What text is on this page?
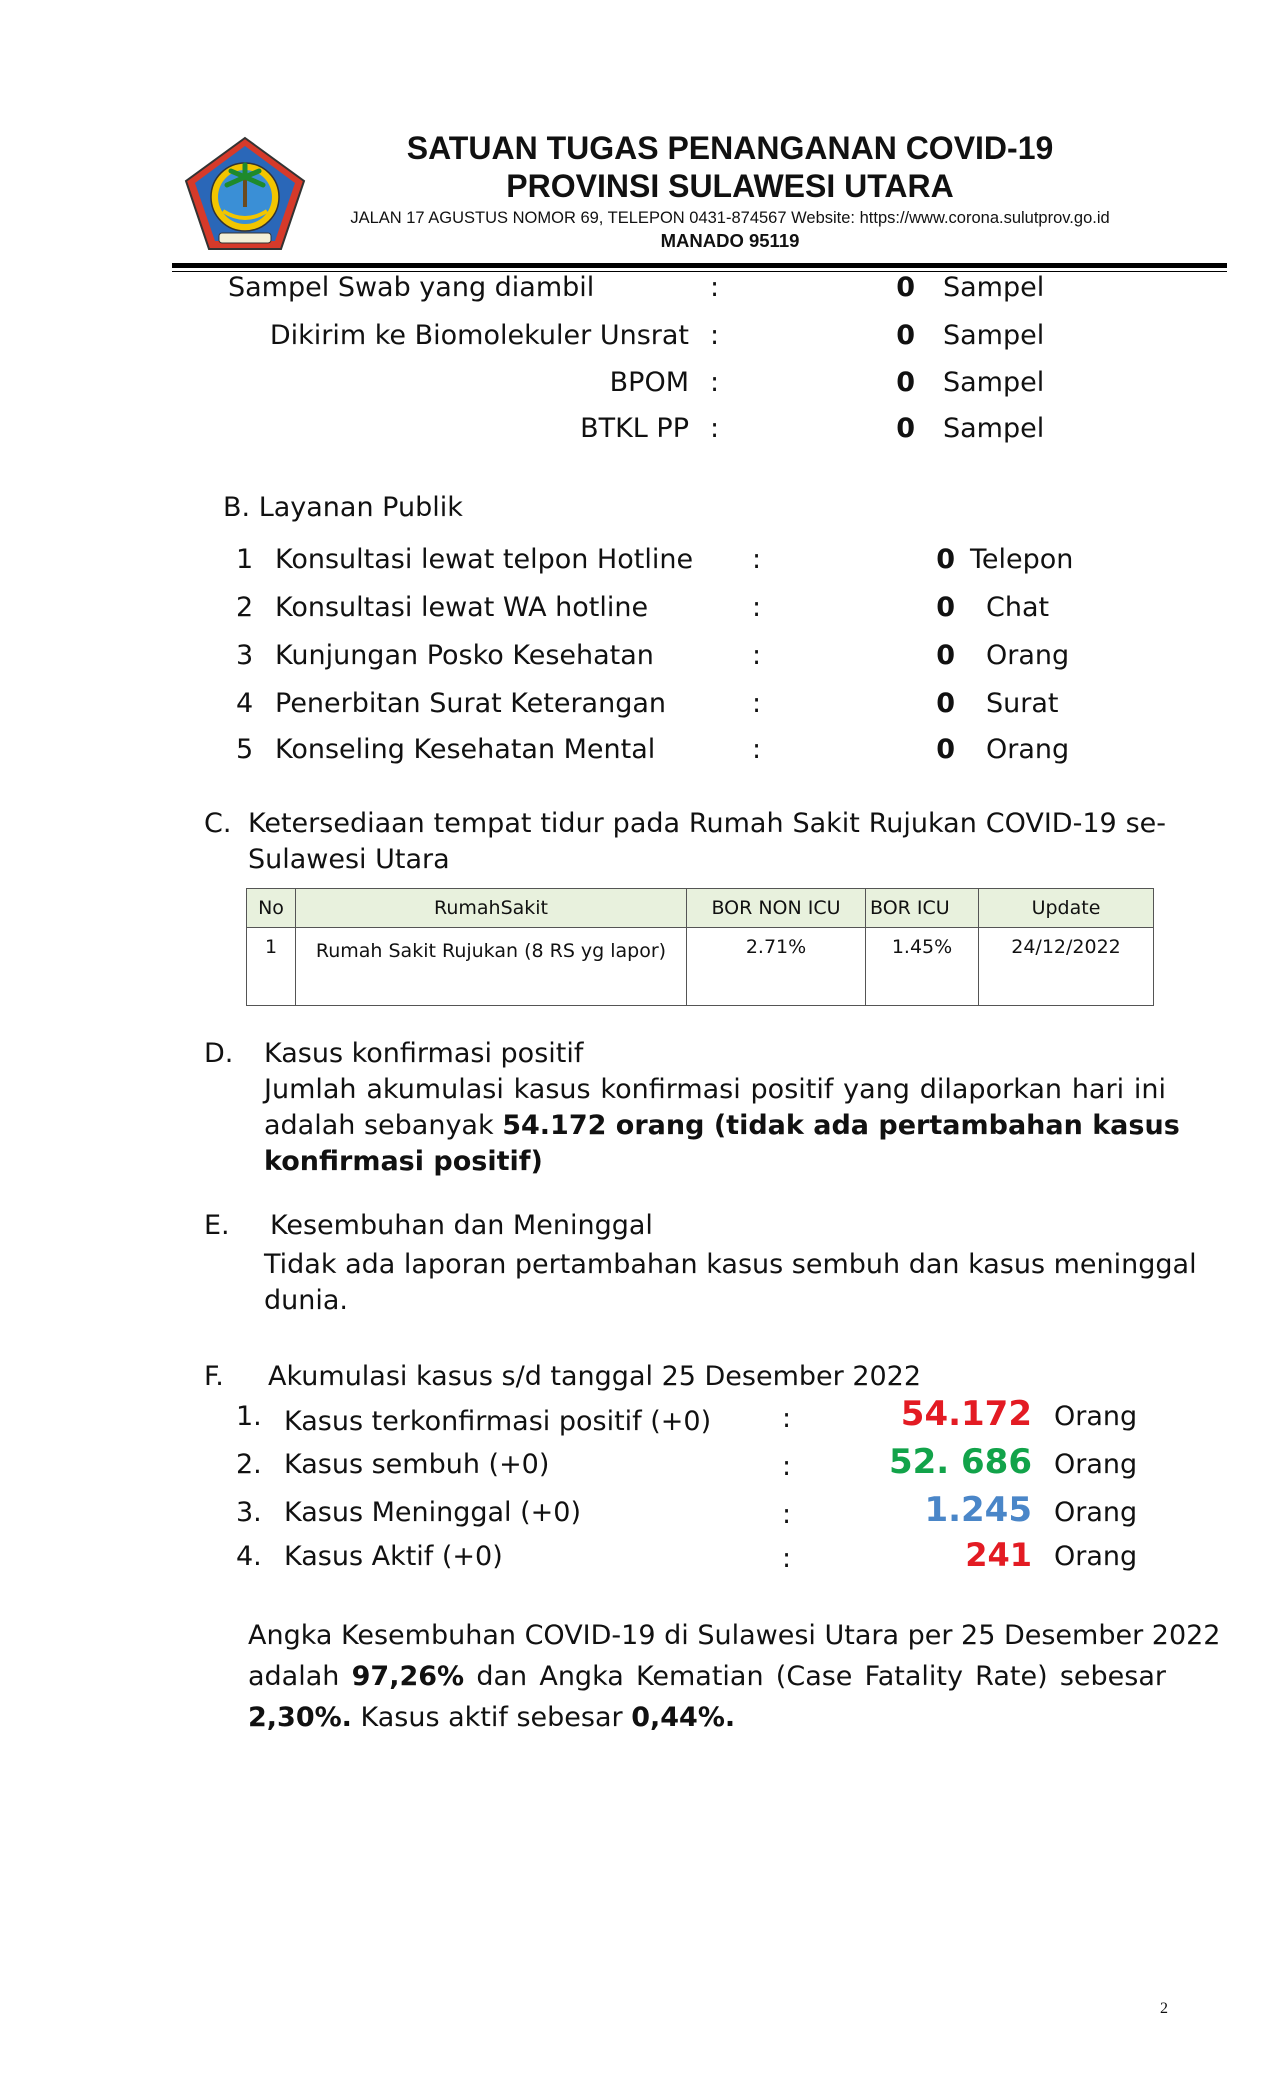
SATUAN TUGAS PENANGANAN COVID-19
PROVINSI SULAWESI UTARA
JALAN 17 AGUSTUS NOMOR 69, TELEPON 0431-874567 Website: https://www.corona.sulutprov.go.id
MANADO 95119
Sampel Swab yang diambil	:	0 Sampel
Dikirim ke Biomolekuler Unsrat :	0 Sampel
BPOM :	0 Sampel
BTKL PP :	0 Sampel
B. Layanan Publik
1 Konsultasi lewat telpon Hotline :	0 Telepon
2 Konsultasi lewat WA hotline	:	0 Chat
3 Kunjungan Posko Kesehatan	:	0 Orang
4 Penerbitan Surat Keterangan	:	0 Surat
5 Konseling Kesehatan Mental	:	0 Orang
C. Ketersediaan tempat tidur pada Rumah Sakit Rujukan COVID-19 se-
Sulawesi Utara
No	RumahSakit	BOR NON ICU	BOR ICU	Update
1	Rumah Sakit Rujukan (8 RS yg lapor)	2.71%	1.45%	24/12/2022
D. Kasus konfirmasi positif
Jumlah akumulasi kasus konfirmasi positif yang dilaporkan hari ini
adalah sebanyak 54.172 orang (tidak ada pertambahan kasus
konfirmasi positif)
E. Kesembuhan dan Meninggal
Tidak ada laporan pertambahan kasus sembuh dan kasus meninggal
dunia.
F. Akumulasi kasus s/d tanggal 25 Desember 2022
1. Kasus terkonfirmasi positif (+0)	:	54.172 Orang
2. Kasus sembuh (+0)	:	52. 686 Orang
3. Kasus Meninggal (+0)	:	1.245 Orang
4. Kasus Aktif (+0)	:	241 Orang
Angka Kesembuhan COVID-19 di Sulawesi Utara per 25 Desember 2022
adalah 97,26% dan Angka Kematian (Case Fatality Rate) sebesar
2,30%. Kasus aktif sebesar 0,44%.
2
